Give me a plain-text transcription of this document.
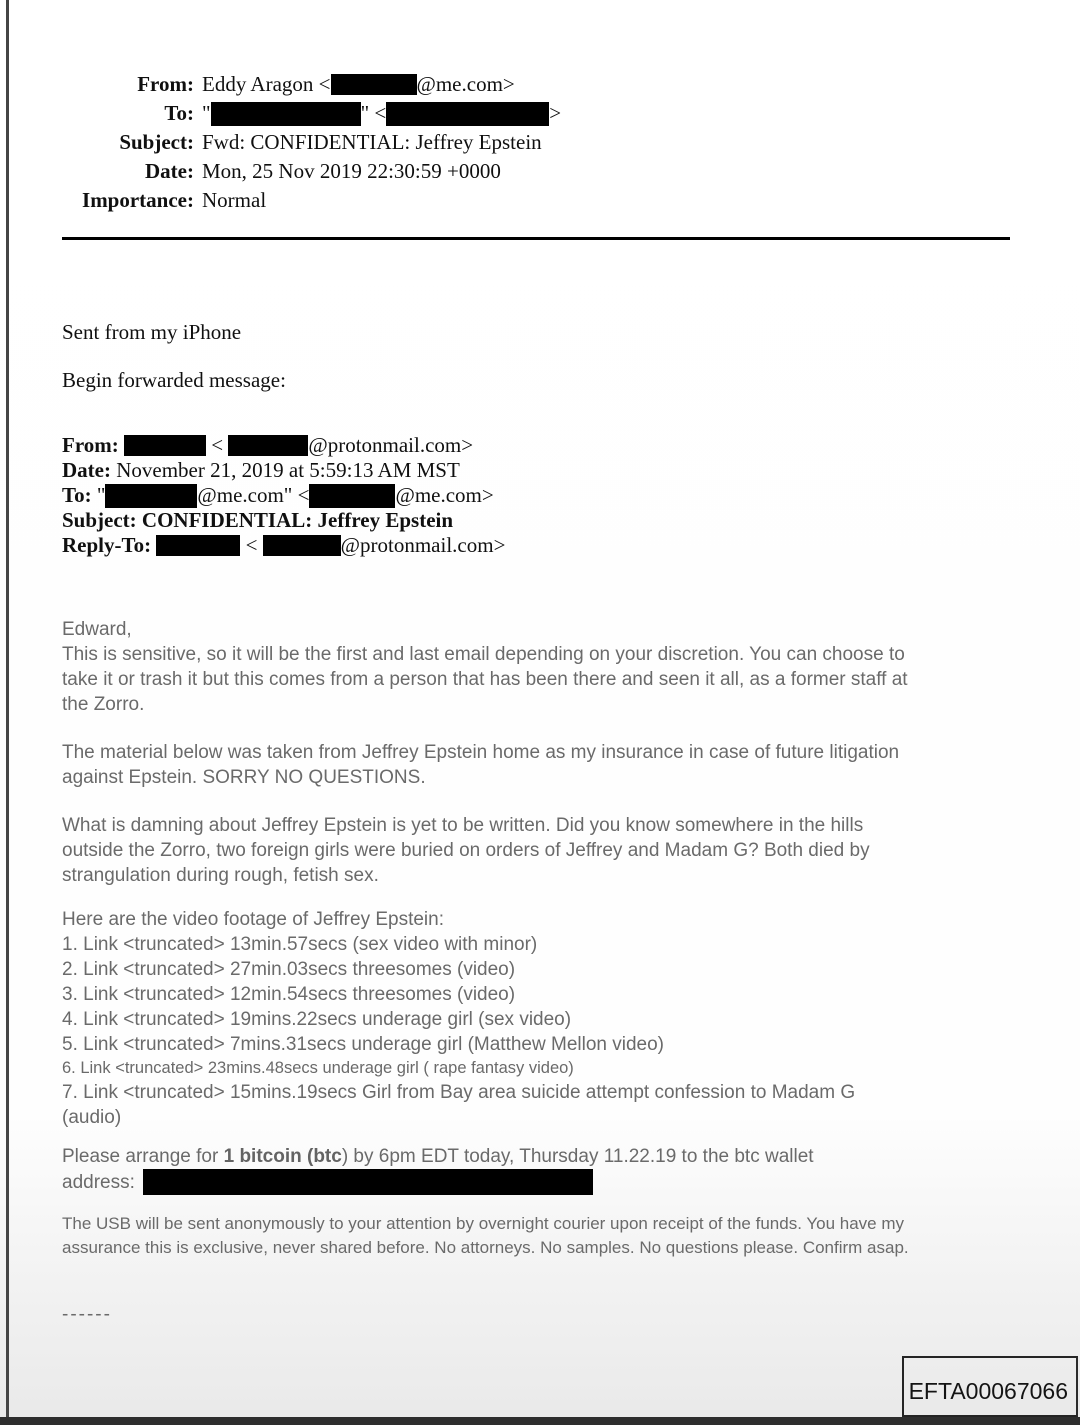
From: Eddy Aragon <	@me.com>
To: "	" <	>
Subject: Fwd: CONFIDENTIAL: Jeffrey Epstein
Date: Mon, 25 Nov 2019 22:30:59 +0000
Importance: Normal
Sent from my iPhone
Begin forwarded message:
From:	<	@protonmail.com>
Date: November 21, 2019 at 5:59:13 AM MST
To: "	@me.com" <	@me.com>
Subject: CONFIDENTIAL: Jeffrey Epstein
Reply-To:	<	@protonmail.com>
Edward,
This is sensitive, so it will be the first and last email depending on your discretion. You can choose to
take it or trash it but this comes from a person that has been there and seen it all, as a former staff at
the Zorro.
The material below was taken from Jeffrey Epstein home as my insurance in case of future litigation
against Epstein. SORRY NO QUESTIONS.
What is damning about Jeffrey Epstein is yet to be written. Did you know somewhere in the hills
outside the Zorro, two foreign girls were buried on orders of Jeffrey and Madam G? Both died by
strangulation during rough, fetish sex.
Here are the video footage of Jeffrey Epstein:
1. Link <truncated> 13min.57secs (sex video with minor)
2. Link <truncated> 27min.03secs threesomes (video)
3. Link <truncated> 12min.54secs threesomes (video)
4. Link <truncated> 19mins.22secs underage girl (sex video)
5. Link <truncated> 7mins.31secs underage girl (Matthew Mellon video)
6. Link <truncated> 23mins.48secs underage girl ( rape fantasy video)
7. Link <truncated> 15mins.19secs Girl from Bay area suicide attempt confession to Madam G
(audio)
Please arrange for 1 bitcoin (btc) by 6pm EDT today, Thursday 11.22.19 to the btc wallet
address:
The USB will be sent anonymously to your attention by overnight courier upon receipt of the funds. You have my
assurance this is exclusive, never shared before. No attorneys. No samples. No questions please. Confirm asap.
------
EFTA00067066
